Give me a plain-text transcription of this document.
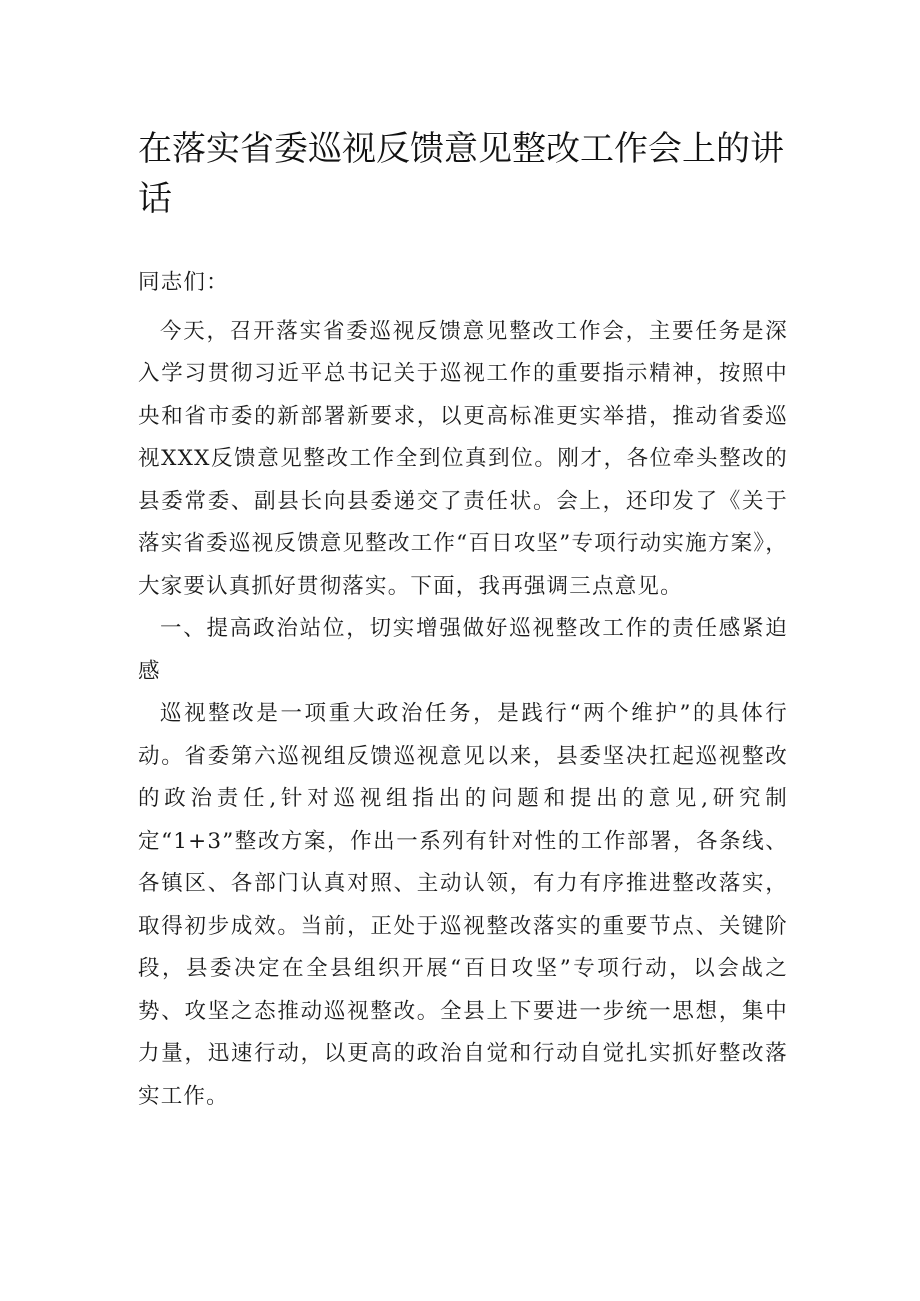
在落实省委巡视反馈意见整改工作会上的讲话

同志们：

今天，召开落实省委巡视反馈意见整改工作会，主要任务是深入学习贯彻习近平总书记关于巡视工作的重要指示精神，按照中央和省市委的新部署新要求，以更高标准更实举措，推动省委巡视XXX反馈意见整改工作全到位真到位。刚才，各位牵头整改的县委常委、副县长向县委递交了责任状。会上，还印发了《关于落实省委巡视反馈意见整改工作“百日攻坚”专项行动实施方案》，大家要认真抓好贯彻落实。下面，我再强调三点意见。

一、提高政治站位，切实增强做好巡视整改工作的责任感紧迫感

巡视整改是一项重大政治任务，是践行“两个维护”的具体行动。省委第六巡视组反馈巡视意见以来，县委坚决扛起巡视整改的政治责任,针对巡视组指出的问题和提出的意见,研究制定“1+3”整改方案，作出一系列有针对性的工作部署，各条线、各镇区、各部门认真对照、主动认领，有力有序推进整改落实，取得初步成效。当前，正处于巡视整改落实的重要节点、关键阶段，县委决定在全县组织开展“百日攻坚”专项行动，以会战之势、攻坚之态推动巡视整改。全县上下要进一步统一思想，集中力量，迅速行动，以更高的政治自觉和行动自觉扎实抓好整改落实工作。
